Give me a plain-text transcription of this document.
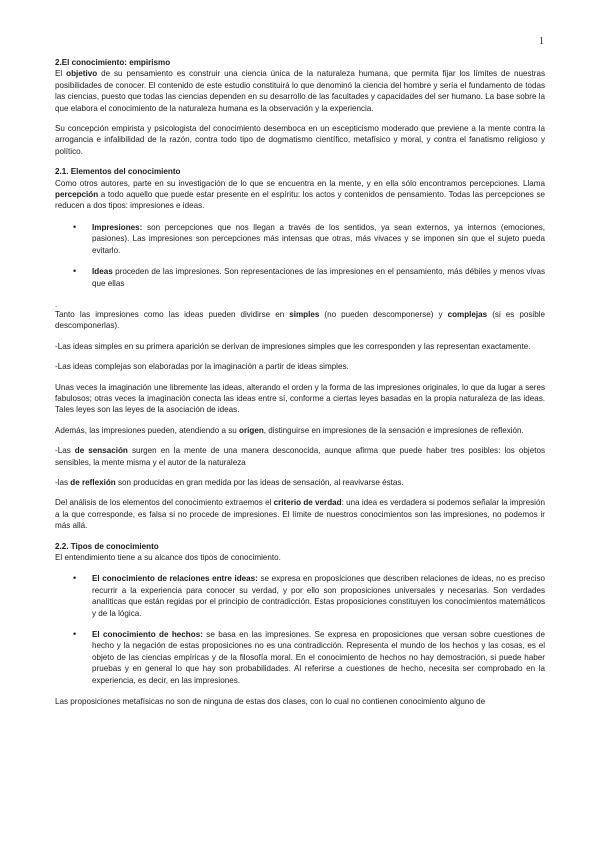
1

2.El conocimiento: empirismo

El objetivo de su pensamiento es construir una ciencia única de la naturaleza humana, que permita fijar los límites de nuestras posibilidades de conocer. El contenido de este estudio constituirá lo que denominó la ciencia del hombre y sería el fundamento de todas las ciencias, puesto que todas las ciencias dependen en su desarrollo de las facultades y capacidades del ser humano. La base sobre la que elabora el conocimiento de la naturaleza humana es la observación y la experiencia.

Su concepción empirista y psicologista del conocimiento desemboca en un escepticismo moderado que previene a la mente contra la arrogancia e infalibilidad de la razón, contra todo tipo de dogmatismo científico, metafísico y moral, y contra el fanatismo religioso y político.

2.1. Elementos del conocimiento

Como otros autores, parte en su investigación de lo que se encuentra en la mente, y en ella sólo encontramos percepciones. Llama percepción a todo aquello que puede estar presente en el espíritu: los actos y contenidos de pensamiento. Todas las percepciones se reducen a dos tipos: impresiones e ideas.

• Impresiones: son percepciones que nos llegan a través de los sentidos, ya sean externos, ya internos (emociones, pasiones). Las impresiones son percepciones más intensas que otras, más vivaces y se imponen sin que el sujeto pueda evitarlo.
• Ideas proceden de las impresiones. Son representaciones de las impresiones en el pensamiento, más débiles y menos vivas que ellas

.

Tanto las impresiones como las ideas pueden dividirse en simples (no pueden descomponerse) y complejas (si es posible descomponerlas).

-Las ideas simples en su primera aparición se derivan de impresiones simples que les corresponden y las representan exactamente.

-Las ideas complejas son elaboradas por la imaginación a partir de ideas simples.

Unas veces la imaginación une libremente las ideas, alterando el orden y la forma de las impresiones originales, lo que da lugar a seres fabulosos; otras veces la imaginación conecta las ideas entre sí, conforme a ciertas leyes basadas en la propia naturaleza de las ideas. Tales leyes son las leyes de la asociación de ideas.

Además, las impresiones pueden, atendiendo a su origen, distinguirse en impresiones de la sensación e impresiones de reflexión.

-Las de sensación surgen en la mente de una manera desconocida, aunque afirma que puede haber tres posibles: los objetos sensibles, la mente misma y el autor de la naturaleza

-las de reflexión son producidas en gran medida por las ideas de sensación, al reavivarse éstas.

Del análisis de los elementos del conocimiento extraemos el criterio de verdad: una idea es verdadera si podemos señalar la impresión a la que corresponde, es falsa si no procede de impresiones. El límite de nuestros conocimientos son las impresiones, no podemos ir más allá.

2.2. Tipos de conocimiento

El entendimiento tiene a su alcance dos tipos de conocimiento.

• El conocimiento de relaciones entre ideas: se expresa en proposiciones que describen relaciones de ideas, no es preciso recurrir a la experiencia para conocer su verdad, y por ello son proposiciones universales y necesarias. Son verdades analíticas que están regidas por el principio de contradicción. Estas proposiciones constituyen los conocimientos matemáticos y de la lógica.
• El conocimiento de hechos: se basa en las impresiones. Se expresa en proposiciones que versan sobre cuestiones de hecho y la negación de estas proposiciones no es una contradicción. Representa el mundo de los hechos y las cosas, es el objeto de las ciencias empíricas y de la filosofía moral. En el conocimiento de hechos no hay demostración, si puede haber pruebas y en general lo que hay son probabilidades. Al referirse a cuestiones de hecho, necesita ser comprobado en la experiencia, es decir, en las impresiones.

Las proposiciones metafísicas no son de ninguna de estas dos clases, con lo cual no contienen conocimiento alguno de
